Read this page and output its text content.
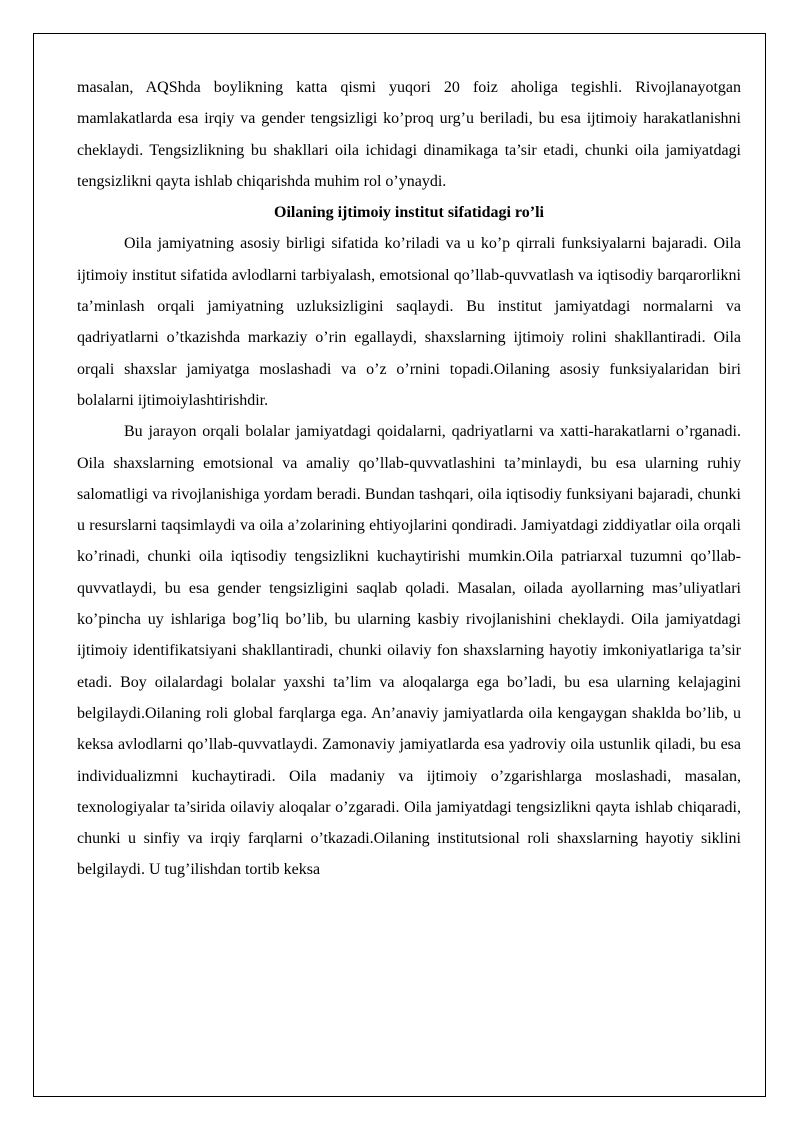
masalan, AQShda boylikning katta qismi yuqori 20 foiz aholiga tegishli. Rivojlanayotgan mamlakatlarda esa irqiy va gender tengsizligi ko’proq urg’u beriladi, bu esa ijtimoiy harakatlanishni cheklaydi. Tengsizlikning bu shakllari oila ichidagi dinamikaga ta’sir etadi, chunki oila jamiyatdagi tengsizlikni qayta ishlab chiqarishda muhim rol o’ynaydi.

Oilaning ijtimoiy institut sifatidagi ro’li

Oila jamiyatning asosiy birligi sifatida ko’riladi va u ko’p qirrali funksiyalarni bajaradi. Oila ijtimoiy institut sifatida avlodlarni tarbiyalash, emotsional qo’llab-quvvatlash va iqtisodiy barqarorlikni ta’minlash orqali jamiyatning uzluksizligini saqlaydi. Bu institut jamiyatdagi normalarni va qadriyatlarni o’tkazishda markaziy o’rin egallaydi, shaxslarning ijtimoiy rolini shakllantiradi. Oila orqali shaxslar jamiyatga moslashadi va o’z o’rnini topadi.Oilaning asosiy funksiyalaridan biri bolalarni ijtimoiylashtirishdir.

Bu jarayon orqali bolalar jamiyatdagi qoidalarni, qadriyatlarni va xatti-harakatlarni o’rganadi. Oila shaxslarning emotsional va amaliy qo’llab-quvvatlashini ta’minlaydi, bu esa ularning ruhiy salomatligi va rivojlanishiga yordam beradi. Bundan tashqari, oila iqtisodiy funksiyani bajaradi, chunki u resurslarni taqsimlaydi va oila a’zolarining ehtiyojlarini qondiradi. Jamiyatdagi ziddiyatlar oila orqali ko’rinadi, chunki oila iqtisodiy tengsizlikni kuchaytirishi mumkin.Oila patriarxal tuzumni qo’llab-quvvatlaydi, bu esa gender tengsizligini saqlab qoladi. Masalan, oilada ayollarning mas’uliyatlari ko’pincha uy ishlariga bog’liq bo’lib, bu ularning kasbiy rivojlanishini cheklaydi. Oila jamiyatdagi ijtimoiy identifikatsiyani shakllantiradi, chunki oilaviy fon shaxslarning hayotiy imkoniyatlariga ta’sir etadi. Boy oilalardagi bolalar yaxshi ta’lim va aloqalarga ega bo’ladi, bu esa ularning kelajagini belgilaydi.Oilaning roli global farqlarga ega. An’anaviy jamiyatlarda oila kengaygan shaklda bo’lib, u keksa avlodlarni qo’llab-quvvatlaydi. Zamonaviy jamiyatlarda esa yadroviy oila ustunlik qiladi, bu esa individualizmni kuchaytiradi. Oila madaniy va ijtimoiy o’zgarishlarga moslashadi, masalan, texnologiyalar ta’sirida oilaviy aloqalar o’zgaradi. Oila jamiyatdagi tengsizlikni qayta ishlab chiqaradi, chunki u sinfiy va irqiy farqlarni o’tkazadi.Oilaning institutsional roli shaxslarning hayotiy siklini belgilaydi. U tug’ilishdan tortib keksa
